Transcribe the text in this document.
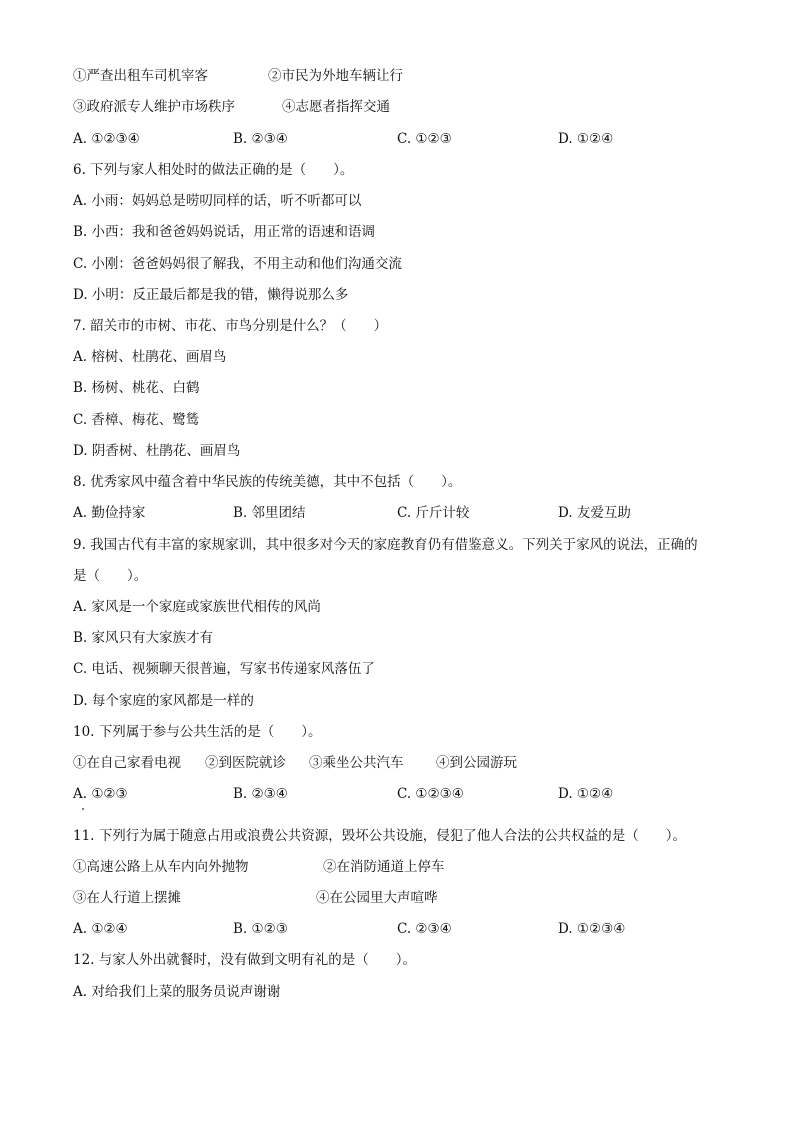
①严查出租车司机宰客	②市民为外地车辆让行
③政府派专人维护市场秩序	④志愿者指挥交通
A. ①②③④	B. ②③④	C. ①②③	D. ①②④
6. 下列与家人相处时的做法正确的是（　　）。
A. 小雨：妈妈总是唠叨同样的话，听不听都可以
B. 小西：我和爸爸妈妈说话，用正常的语速和语调
C. 小刚：爸爸妈妈很了解我，不用主动和他们沟通交流
D. 小明：反正最后都是我的错，懒得说那么多
7. 韶关市的市树、市花、市鸟分别是什么？（　　）
A. 榕树、杜鹃花、画眉鸟
B. 杨树、桃花、白鹤
C. 香樟、梅花、鹭鸶
D. 阴香树、杜鹃花、画眉鸟
8. 优秀家风中蕴含着中华民族的传统美德，其中不包括（　　）。
A. 勤俭持家	B. 邻里团结	C. 斤斤计较	D. 友爱互助
9. 我国古代有丰富的家规家训，其中很多对今天的家庭教育仍有借鉴意义。下列关于家风的说法，正确的
是（　　）。
A. 家风是一个家庭或家族世代相传的风尚
B. 家风只有大家族才有
C. 电话、视频聊天很普遍，写家书传递家风落伍了
D. 每个家庭的家风都是一样的
10. 下列属于参与公共生活的是（　　）。
①在自己家看电视 ②到医院就诊 ③乘坐公共汽车 ④到公园游玩
A. ①②③	B. ②③④	C. ①②③④	D. ①②④
11. 下列行为属于随意占用或浪费公共资源，毁坏公共设施，侵犯了他人合法的公共权益的是（　　）。
①高速公路上从车内向外抛物	②在消防通道上停车
③在人行道上摆摊	④在公园里大声喧哗
A. ①②④	B. ①②③	C. ②③④	D. ①②③④
12. 与家人外出就餐时，没有做到文明有礼的是（　　）。
A. 对给我们上菜的服务员说声谢谢
